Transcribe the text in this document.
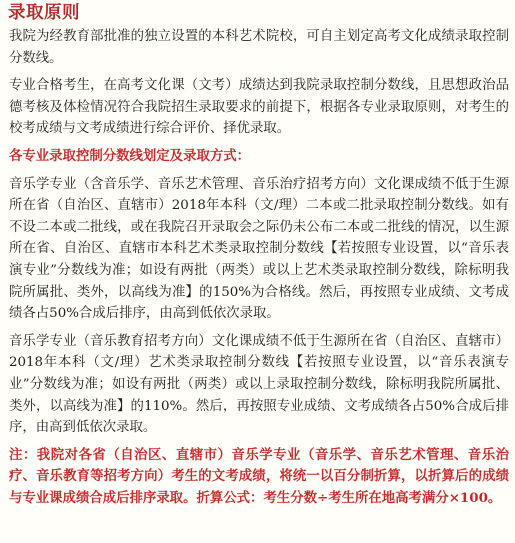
录取原则

我院为经教育部批准的独立设置的本科艺术院校，可自主划定高考文化成绩录取控制分数线。

专业合格考生，在高考文化课（文考）成绩达到我院录取控制分数线，且思想政治品德考核及体检情况符合我院招生录取要求的前提下，根据各专业录取原则，对考生的校考成绩与文考成绩进行综合评价、择优录取。

各专业录取控制分数线划定及录取方式：

音乐学专业（含音乐学、音乐艺术管理、音乐治疗招考方向）文化课成绩不低于生源所在省（自治区、直辖市）2018年本科（文/理）二本或二批录取控制分数线。如有不设二本或二批线，或在我院召开录取会之际仍未公布二本或二批线的情况，以生源所在省、自治区、直辖市本科艺术类录取控制分数线【若按照专业设置，以“音乐表演专业”分数线为准；如设有两批（两类）或以上艺术类录取控制分数线，除标明我院所属批、类外，以高线为准】的150%为合格线。然后，再按照专业成绩、文考成绩各占50%合成后排序，由高到低依次录取。

音乐学专业（音乐教育招考方向）文化课成绩不低于生源所在省（自治区、直辖市）2018年本科（文/理）艺术类录取控制分数线【若按照专业设置，以“音乐表演专业”分数线为准；如设有两批（两类）或以上录取控制分数线，除标明我院所属批、类外，以高线为准】的110%。然后，再按照专业成绩、文考成绩各占50%合成后排序，由高到低依次录取。

注：我院对各省（自治区、直辖市）音乐学专业（音乐学、音乐艺术管理、音乐治疗、音乐教育等招考方向）考生的文考成绩，将统一以百分制折算，以折算后的成绩与专业课成绩合成后排序录取。折算公式：考生分数÷考生所在地高考满分×100。
